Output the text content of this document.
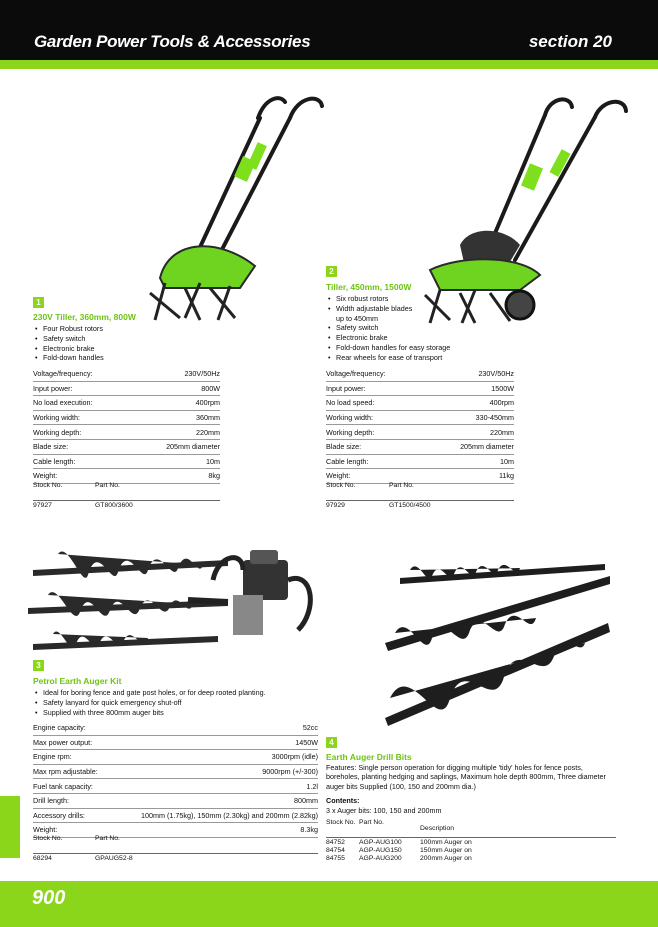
Garden Power Tools & Accessories	section 20
1
230V Tiller, 360mm, 800W
• Four Robust rotors
• Safety switch
• Electronic brake
• Fold-down handles
Voltage/frequency:	230V/50Hz
Input power:	800W
No load execution:	400rpm
Working width:	360mm
Working depth:	220mm
Blade size:	205mm diameter
Cable length:	10m
Weight:	8kg
Stock No.	Part No.
97927	GT800/3600
2
Tiller, 450mm, 1500W
• Six robust rotors
• Width adjustable blades up to 450mm
• Safety switch
• Electronic brake
• Fold-down handles for easy storage
• Rear wheels for ease of transport
Voltage/frequency:	230V/50Hz
Input power:	1500W
No load speed:	400rpm
Working width:	330-450mm
Working depth:	220mm
Blade size:	205mm diameter
Cable length:	10m
Weight:	11kg
Stock No.	Part No.
97929	GT1500/4500
3
Petrol Earth Auger Kit
• Ideal for boring fence and gate post holes, or for deep rooted planting.
• Safety lanyard for quick emergency shut-off
• Supplied with three 800mm auger bits
Engine capacity:	52cc
Max power output:	1450W
Engine rpm:	3000rpm (idle)
Max rpm adjustable:	9000rpm (+/-300)
Fuel tank capacity:	1.2l
Drill length:	800mm
Accessory drills:	100mm (1.75kg), 150mm (2.30kg) and 200mm (2.82kg)
Weight:	8.3kg
Stock No.	Part No.
68294	GPAUG52-8
4
Earth Auger Drill Bits
Features: Single person operation for digging multiple 'tidy' holes for fence posts, boreholes, planting hedging and saplings, Maximum hole depth 800mm, Three diameter auger bits Supplied (100, 150 and 200mm dia.)
Contents:
3 x Auger bits: 100, 150 and 200mm
Stock No. Part No.
Description
84752 AGP-AUG100	100mm Auger on
84754 AGP-AUG150	150mm Auger on
84755 AGP-AUG200	200mm Auger on
900
